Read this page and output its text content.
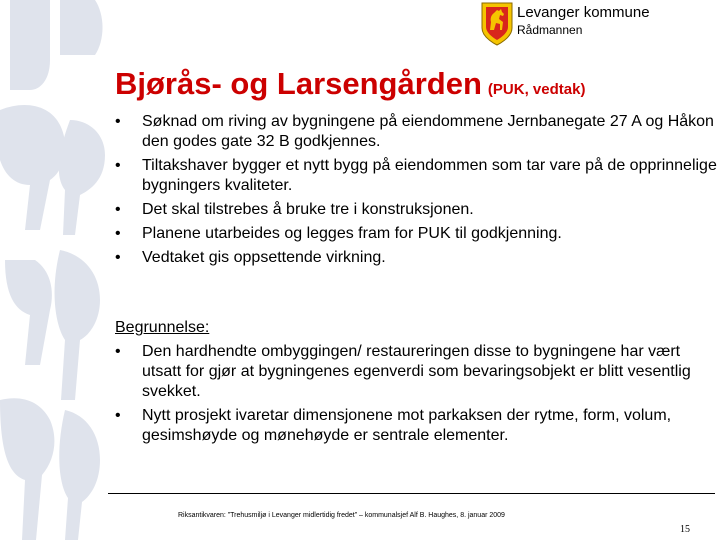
Levanger kommune
Rådmannen
Bjørås- og Larsengården (PUK, vedtak)
• Søknad om riving av bygningene på eiendommene Jernbanegate 27 A og Håkon den godes gate 32 B godkjennes.
• Tiltakshaver bygger et nytt bygg på eiendommen som tar vare på de opprinnelige bygningers kvaliteter.
• Det skal tilstrebes å bruke tre i konstruksjonen.
• Planene utarbeides og legges fram for PUK til godkjenning.
• Vedtaket gis oppsettende virkning.
Begrunnelse:
• Den hardhendte ombyggingen/ restaureringen disse to bygningene har vært utsatt for gjør at bygningenes egenverdi som bevaringsobjekt er blitt vesentlig svekket.
• Nytt prosjekt ivaretar dimensjonene mot parkaksen der rytme, form, volum, gesimshøyde og mønehøyde er sentrale elementer.
Riksantikvaren: ”Trehusmiljø i Levanger midlertidig fredet” – kommunalsjef Alf B. Haughes, 8. januar 2009
15
